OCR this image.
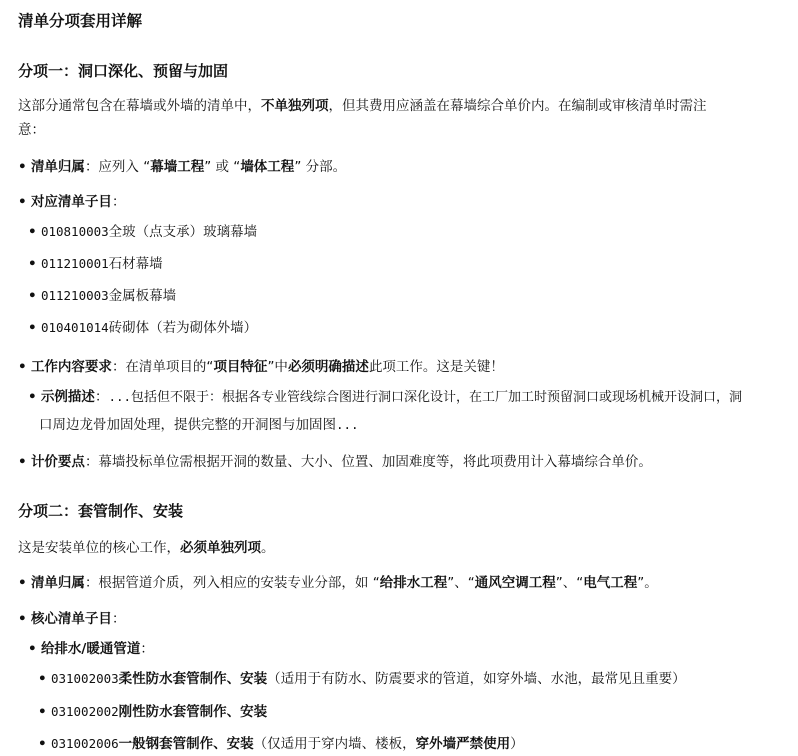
清单分项套用详解
分项一：洞口深化、预留与加固
这部分通常包含在幕墙或外墙的清单中，不单独列项，但其费用应涵盖在幕墙综合单价内。在编制或审核清单时需注
意：
• 清单归属：应列入 “幕墙工程” 或 “墙体工程” 分部。
• 对应清单子目：
• 010810003全玻（点支承）玻璃幕墙
• 011210001石材幕墙
• 011210003金属板幕墙
• 010401014砖砌体（若为砌体外墙）
• 工作内容要求：在清单项目的“项目特征”中必须明确描述此项工作。这是关键！
• 示例描述：...包括但不限于：根据各专业管线综合图进行洞口深化设计，在工厂加工时预留洞口或现场机械开设洞口，洞
口周边龙骨加固处理，提供完整的开洞图与加固图...
• 计价要点：幕墙投标单位需根据开洞的数量、大小、位置、加固难度等，将此项费用计入幕墙综合单价。
分项二：套管制作、安装
这是安装单位的核心工作，必须单独列项。
• 清单归属：根据管道介质，列入相应的安装专业分部，如 “给排水工程”、“通风空调工程”、“电气工程”。
• 核心清单子目：
• 给排水/暖通管道：
• 031002003柔性防水套管制作、安装（适用于有防水、防震要求的管道，如穿外墙、水池，最常见且重要）
• 031002002刚性防水套管制作、安装
• 031002006一般钢套管制作、安装（仅适用于穿内墙、楼板，穿外墙严禁使用）
